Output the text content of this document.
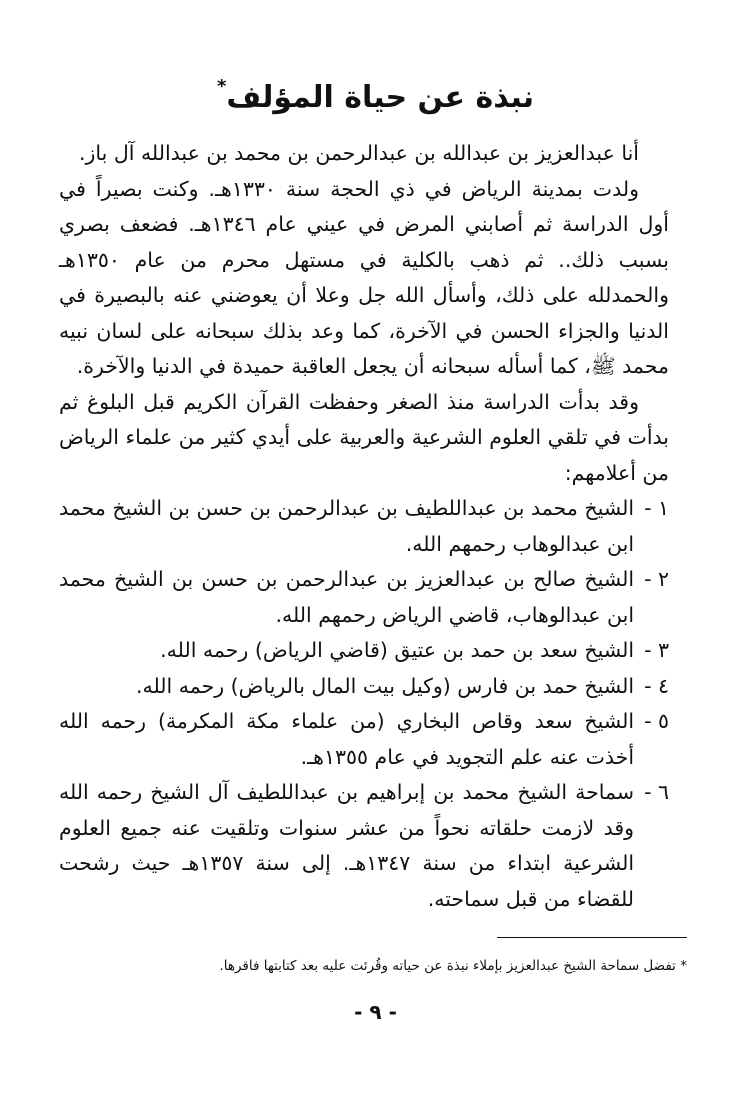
نبذة عن حياة المؤلف*

أنا عبدالعزيز بن عبدالله بن عبدالرحمن بن محمد بن عبدالله آل باز.

ولدت بمدينة الرياض في ذي الحجة سنة ١٣٣٠هـ. وكنت بصيراً في أول الدراسة ثم أصابني المرض في عيني عام ١٣٤٦هـ. فضعف بصري بسبب ذلك.. ثم ذهب بالكلية في مستهل محرم من عام ١٣٥٠هـ والحمدلله على ذلك، وأسأل الله جل وعلا أن يعوضني عنه بالبصيرة في الدنيا والجزاء الحسن في الآخرة، كما وعد بذلك سبحانه على لسان نبيه محمد ﷺ، كما أسأله سبحانه أن يجعل العاقبة حميدة في الدنيا والآخرة.

وقد بدأت الدراسة منذ الصغر وحفظت القرآن الكريم قبل البلوغ ثم بدأت في تلقي العلوم الشرعية والعربية على أيدي كثير من علماء الرياض من أعلامهم:

١ -
الشيخ محمد بن عبداللطيف بن عبدالرحمن بن حسن بن الشيخ محمد ابن عبدالوهاب رحمهم الله.
٢ -
الشيخ صالح بن عبدالعزيز بن عبدالرحمن بن حسن بن الشيخ محمد ابن عبدالوهاب، قاضي الرياض رحمهم الله.
٣ -
الشيخ سعد بن حمد بن عتيق (قاضي الرياض) رحمه الله.
٤ -
الشيخ حمد بن فارس (وكيل بيت المال بالرياض) رحمه الله.
٥ -
الشيخ سعد وقاص البخاري (من علماء مكة المكرمة) رحمه الله أخذت عنه علم التجويد في عام ١٣٥٥هـ.
٦ -
سماحة الشيخ محمد بن إبراهيم بن عبداللطيف آل الشيخ رحمه الله وقد لازمت حلقاته نحواً من عشر سنوات وتلقيت عنه جميع العلوم الشرعية ابتداء من سنة ١٣٤٧هـ. إلى سنة ١٣٥٧هـ حيث رشحت للقضاء من قبل سماحته.
* تفضل سماحة الشيخ عبدالعزيز بإملاء نبذة عن حياته وقُرئت عليه بعد كتابتها فاقرها.
- ٩ -
